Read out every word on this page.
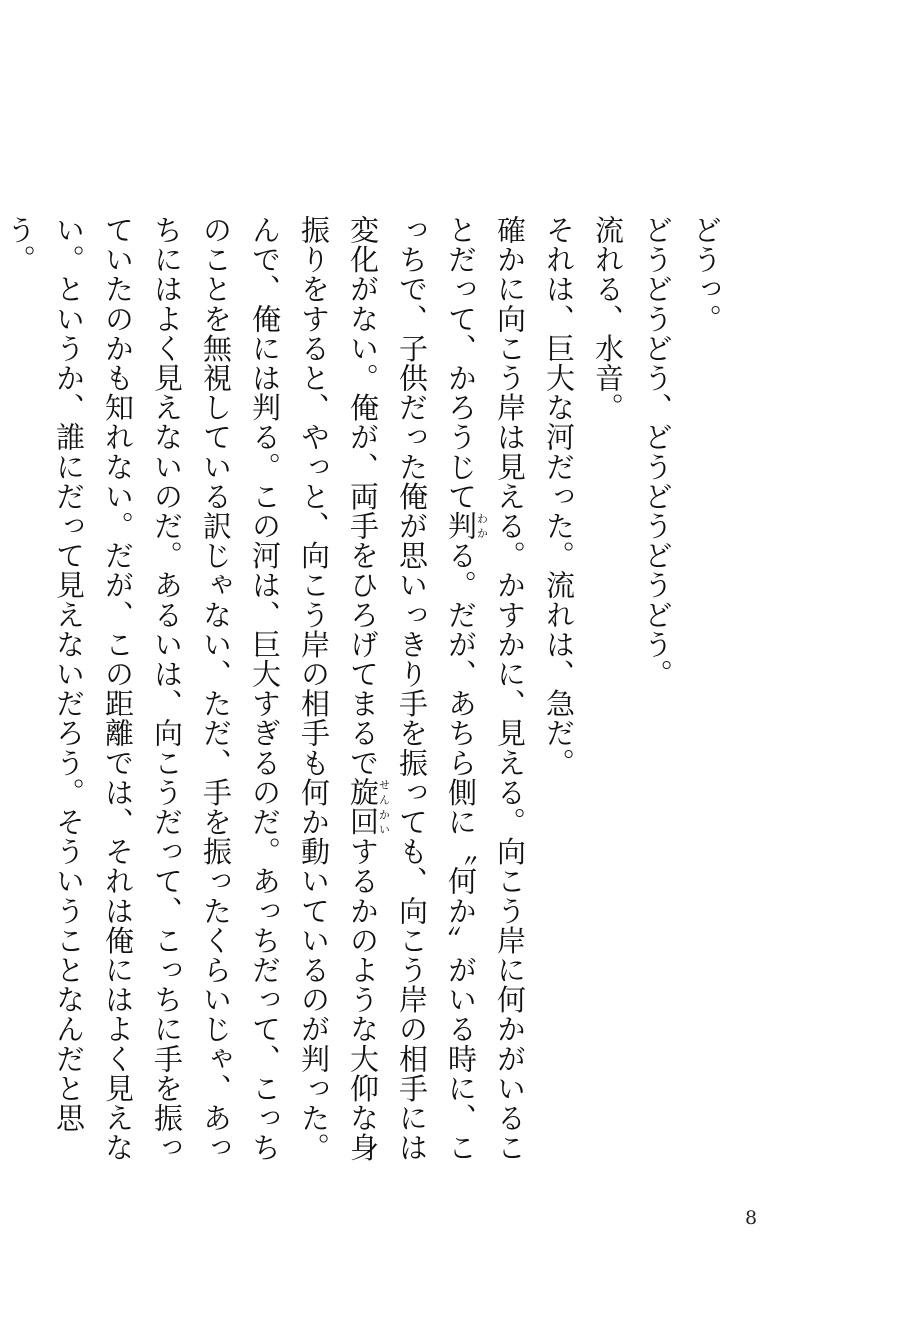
どうっ。

どうどうどう、どうどうどうどう。

流れる、水音。

それは、巨大な河だった。流れは、急だ。

確かに向こう岸は見える。かすかに、見える。向こう岸に何かがいることだって、かろうじて判わかる。だが、あちら側に〝何か〟がいる時に、こっちで、子供だった俺が思いっきり手を振っても、向こう岸の相手には変化がない。俺が、両手をひろげてまるで旋回せんかいするかのような大仰な身振りをすると、やっと、向こう岸の相手も何か動いているのが判った。

んで、俺には判る。この河は、巨大すぎるのだ。あっちだって、こっちのことを無視している訳じゃない、ただ、手を振ったくらいじゃ、あっちにはよく見えないのだ。あるいは、向こうだって、こっちに手を振っていたのかも知れない。だが、この距離では、それは俺にはよく見えない。というか、誰にだって見えないだろう。そういうことなんだと思う。

8
